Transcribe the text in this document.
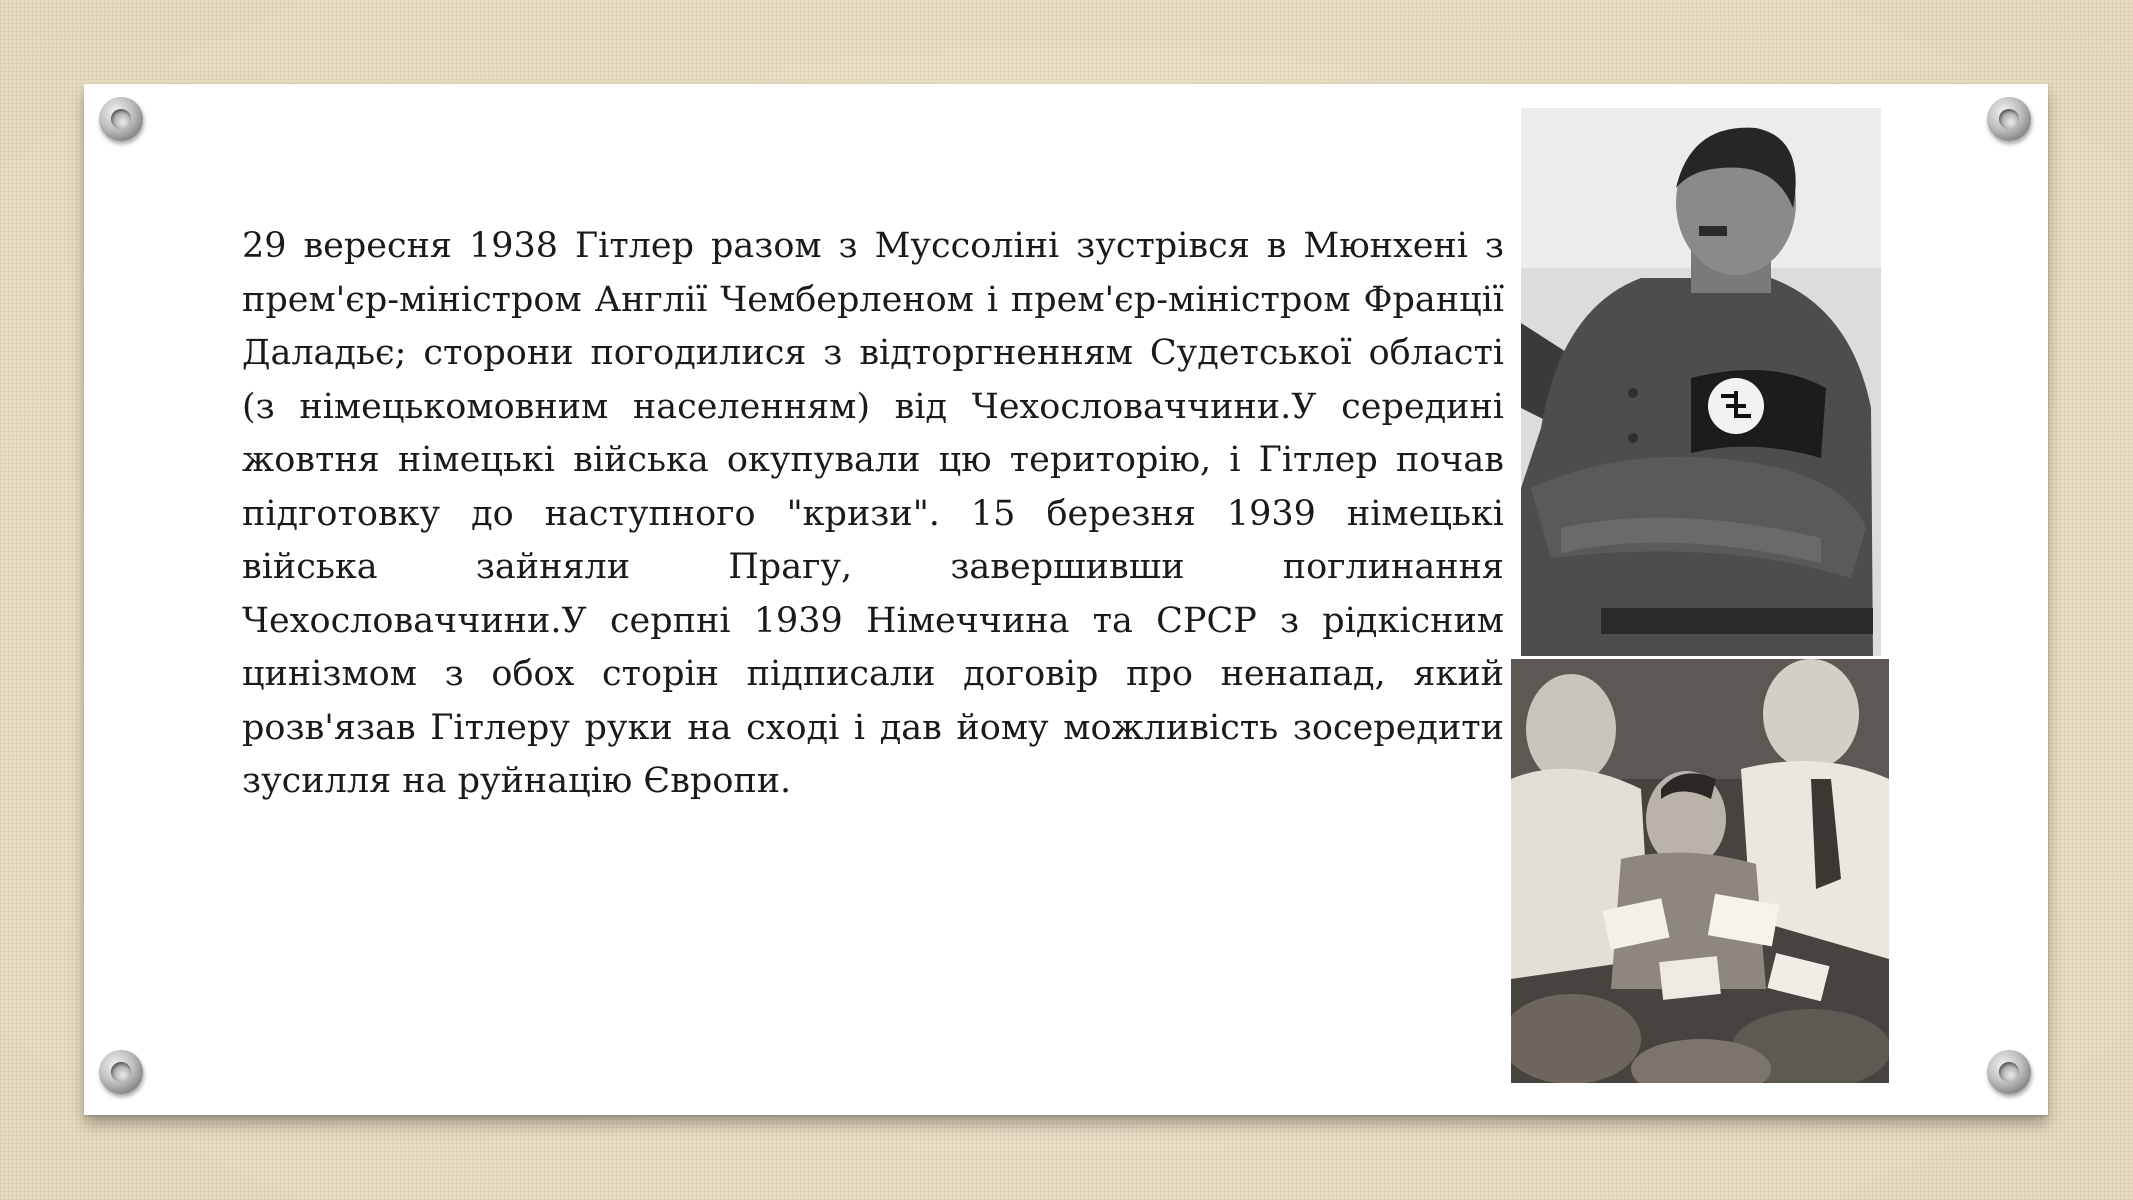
29 вересня 1938 Гітлер разом з Муссоліні зустрівся в Мюнхені з прем'єр-міністром Англії Чемберленом і прем'єр-міністром Франції Даладьє; сторони погодилися з відторгненням Судетської області (з німецькомовним населенням) від Чехословаччини.У середині жовтня німецькі війська окупували цю територію, і Гітлер почав підготовку до наступного "кризи". 15 березня 1939 німецькі війська зайняли Прагу, завершивши поглинання Чехословаччини.У серпні 1939 Німеччина та СРСР з рідкісним цинізмом з обох сторін підписали договір про ненапад, який розв'язав Гітлеру руки на сході і дав йому можливість зосередити зусилля на руйнацію Європи.
